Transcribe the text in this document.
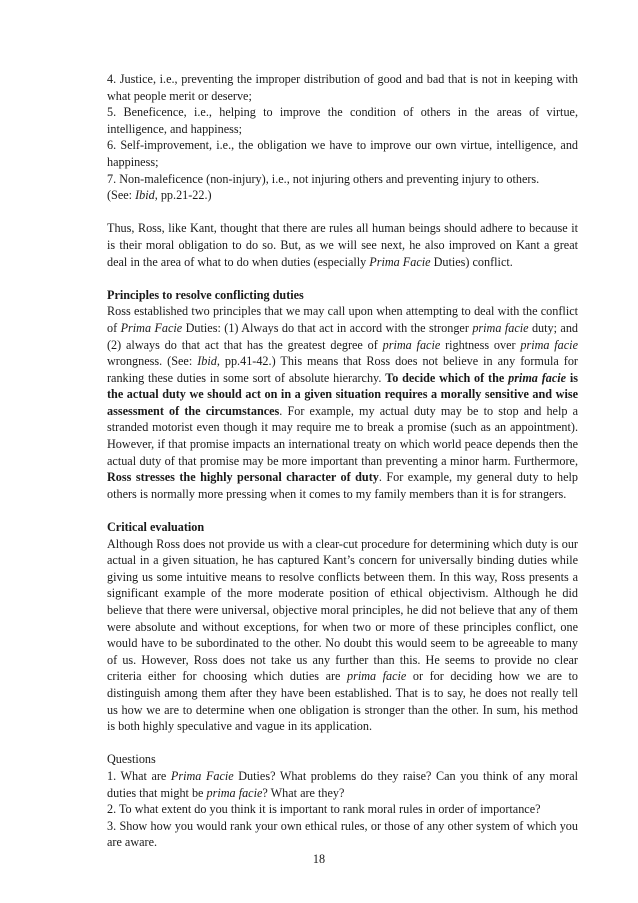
4. Justice, i.e., preventing the improper distribution of good and bad that is not in keeping with what people merit or deserve;

5. Beneficence, i.e., helping to improve the condition of others in the areas of virtue, intelligence, and happiness;

6. Self-improvement, i.e., the obligation we have to improve our own virtue, intelligence, and happiness;

7. Non-maleficence (non-injury), i.e., not injuring others and preventing injury to others.

(See: Ibid, pp.21-22.)

Thus, Ross, like Kant, thought that there are rules all human beings should adhere to because it is their moral obligation to do so. But, as we will see next, he also improved on Kant a great deal in the area of what to do when duties (especially Prima Facie Duties) conflict.

Principles to resolve conflicting duties

Ross established two principles that we may call upon when attempting to deal with the conflict of Prima Facie Duties: (1) Always do that act in accord with the stronger prima facie duty; and (2) always do that act that has the greatest degree of prima facie rightness over prima facie wrongness. (See: Ibid, pp.41-42.) This means that Ross does not believe in any formula for ranking these duties in some sort of absolute hierarchy. To decide which of the prima facie is the actual duty we should act on in a given situation requires a morally sensitive and wise assessment of the circumstances. For example, my actual duty may be to stop and help a stranded motorist even though it may require me to break a promise (such as an appointment). However, if that promise impacts an international treaty on which world peace depends then the actual duty of that promise may be more important than preventing a minor harm. Furthermore, Ross stresses the highly personal character of duty. For example, my general duty to help others is normally more pressing when it comes to my family members than it is for strangers.

Critical evaluation

Although Ross does not provide us with a clear-cut procedure for determining which duty is our actual in a given situation, he has captured Kant’s concern for universally binding duties while giving us some intuitive means to resolve conflicts between them. In this way, Ross presents a significant example of the more moderate position of ethical objectivism. Although he did believe that there were universal, objective moral principles, he did not believe that any of them were absolute and without exceptions, for when two or more of these principles conflict, one would have to be subordinated to the other. No doubt this would seem to be agreeable to many of us. However, Ross does not take us any further than this. He seems to provide no clear criteria either for choosing which duties are prima facie or for deciding how we are to distinguish among them after they have been established. That is to say, he does not really tell us how we are to determine when one obligation is stronger than the other. In sum, his method is both highly speculative and vague in its application.

Questions

1. What are Prima Facie Duties? What problems do they raise? Can you think of any moral duties that might be prima facie? What are they?

2. To what extent do you think it is important to rank moral rules in order of importance?

3. Show how you would rank your own ethical rules, or those of any other system of which you are aware.

18
